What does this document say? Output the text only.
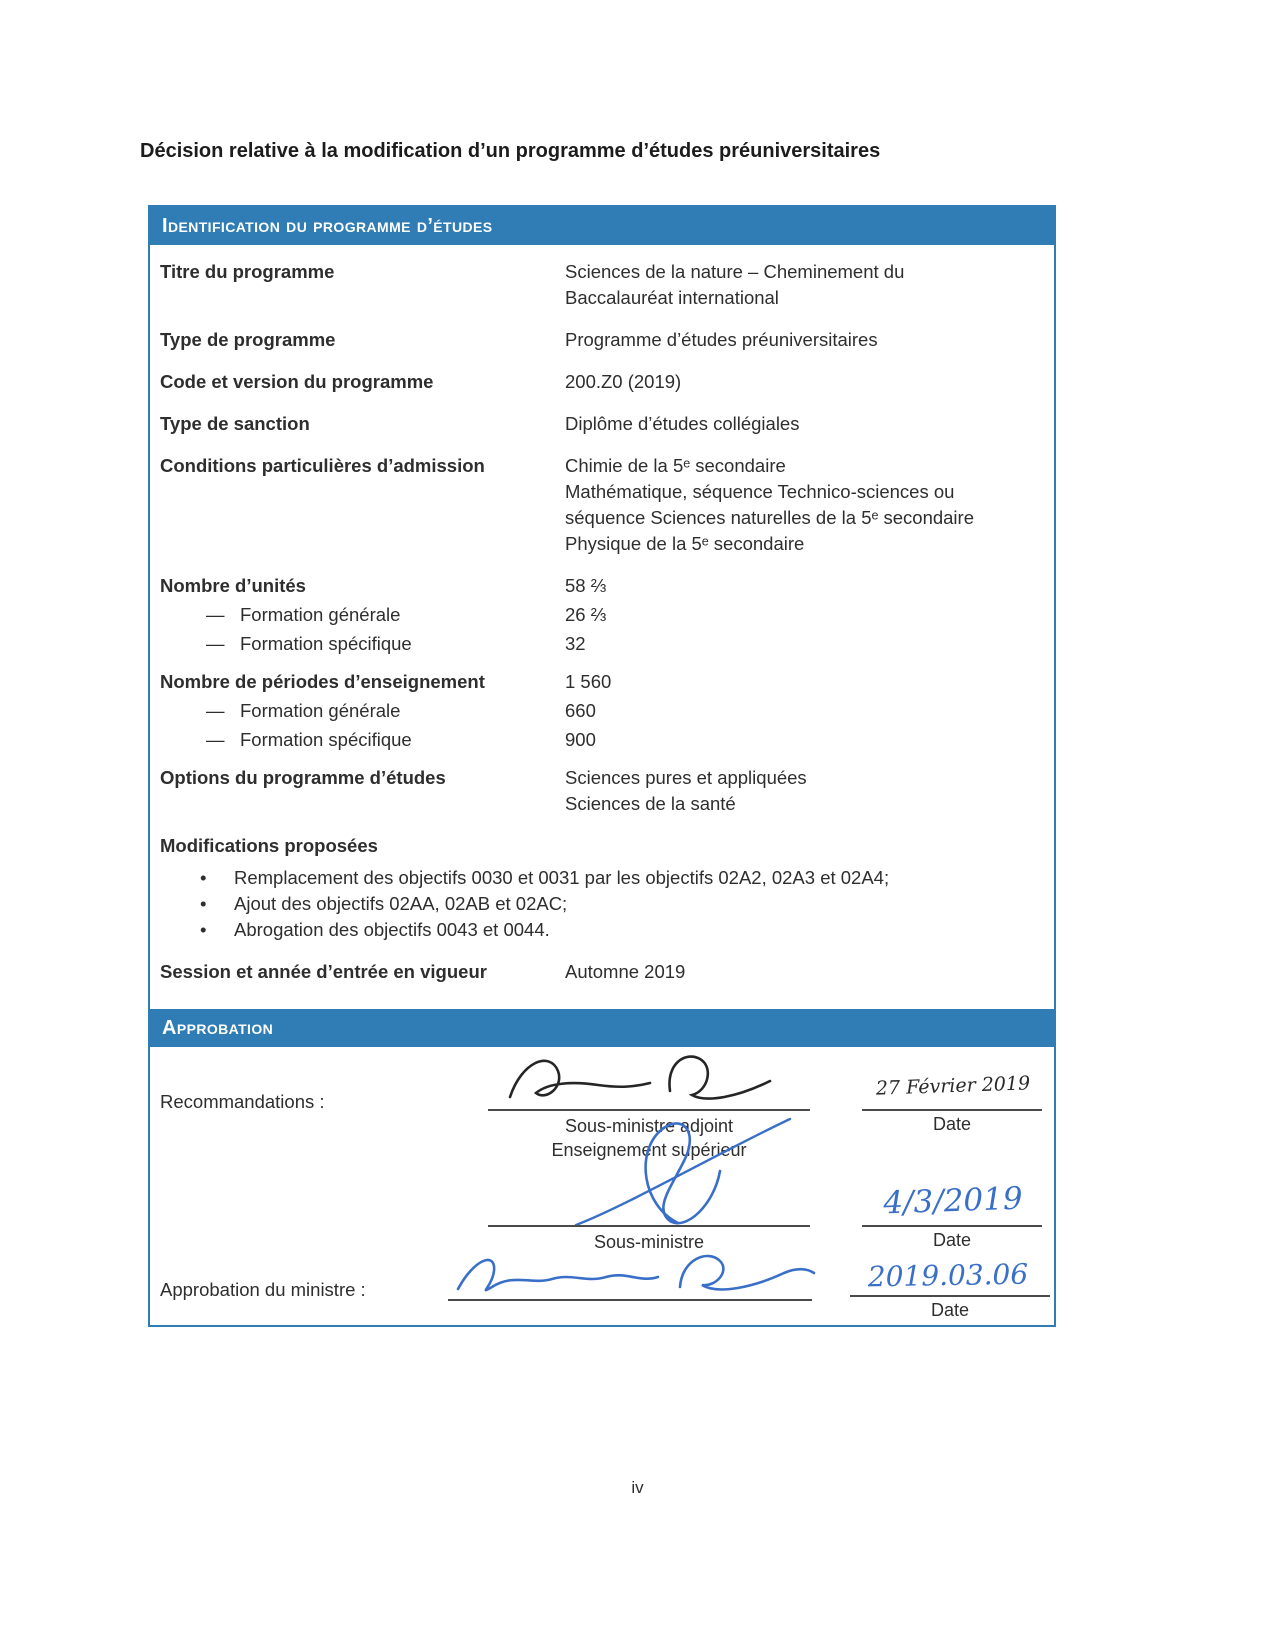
Décision relative à la modification d’un programme d’études préuniversitaires
Identification du programme d’études
Titre du programme	Sciences de la nature – Cheminement du
Baccalauréat international
Type de programme	Programme d’études préuniversitaires
Code et version du programme	200.Z0 (2019)
Type de sanction	Diplôme d’études collégiales
Conditions particulières d’admission	Chimie de la 5ᵉ secondaire
Mathématique, séquence Technico-sciences ou
séquence Sciences naturelles de la 5ᵉ secondaire
Physique de la 5ᵉ secondaire
Nombre d’unités	58 ⅔
— Formation générale	26 ⅔
— Formation spécifique	32
Nombre de périodes d’enseignement	1 560
— Formation générale	660
— Formation spécifique	900
Options du programme d’études	Sciences pures et appliquées
Sciences de la santé
Modifications proposées
•	Remplacement des objectifs 0030 et 0031 par les objectifs 02A2, 02A3 et 02A4;
•	Ajout des objectifs 02AA, 02AB et 02AC;
•	Abrogation des objectifs 0043 et 0044.
Session et année d’entrée en vigueur	Automne 2019
Approbation
Recommandations :
Sous-ministre adjoint
Enseignement supérieur
27 Février 2019
Date
Sous-ministre
4/3/2019
Date
Approbation du ministre :	2019.03.06
Date
iv
